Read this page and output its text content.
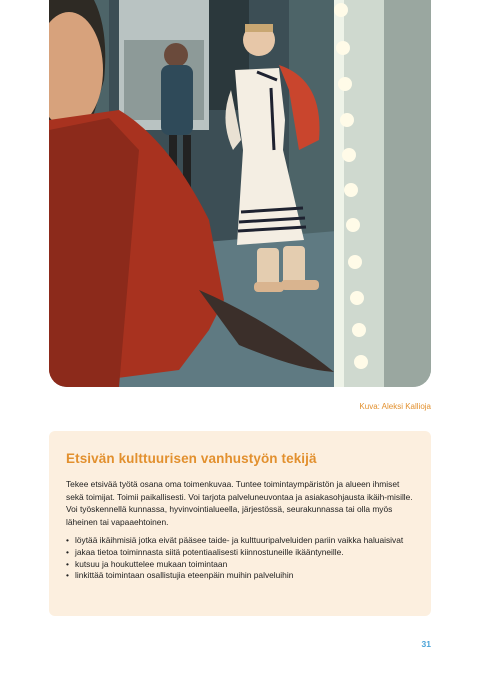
Kuva: Aleksi Kallioja
Etsivän kulttuurisen vanhustyön tekijä

Tekee etsivää työtä osana oma toimenkuvaa. Tuntee toimintaympäristön ja alueen ihmiset sekä toimijat. Toimii paikallisesti. Voi tarjota palveluneuvontaa ja asiakasohjausta ikäih-misille. Voi työskennellä kunnassa, hyvinvointialueella, järjestössä, seurakunnassa tai olla myös läheinen tai vapaaehtoinen.

• löytää ikäihmisiä jotka eivät pääsee taide- ja kulttuuripalveluiden pariin vaikka haluaisivat
• jakaa tietoa toiminnasta siitä potentiaalisesti kiinnostuneille ikääntyneille.
• kutsuu ja houkuttelee mukaan toimintaan
• linkittää toimintaan osallistujia eteenpäin muihin palveluihin
31
